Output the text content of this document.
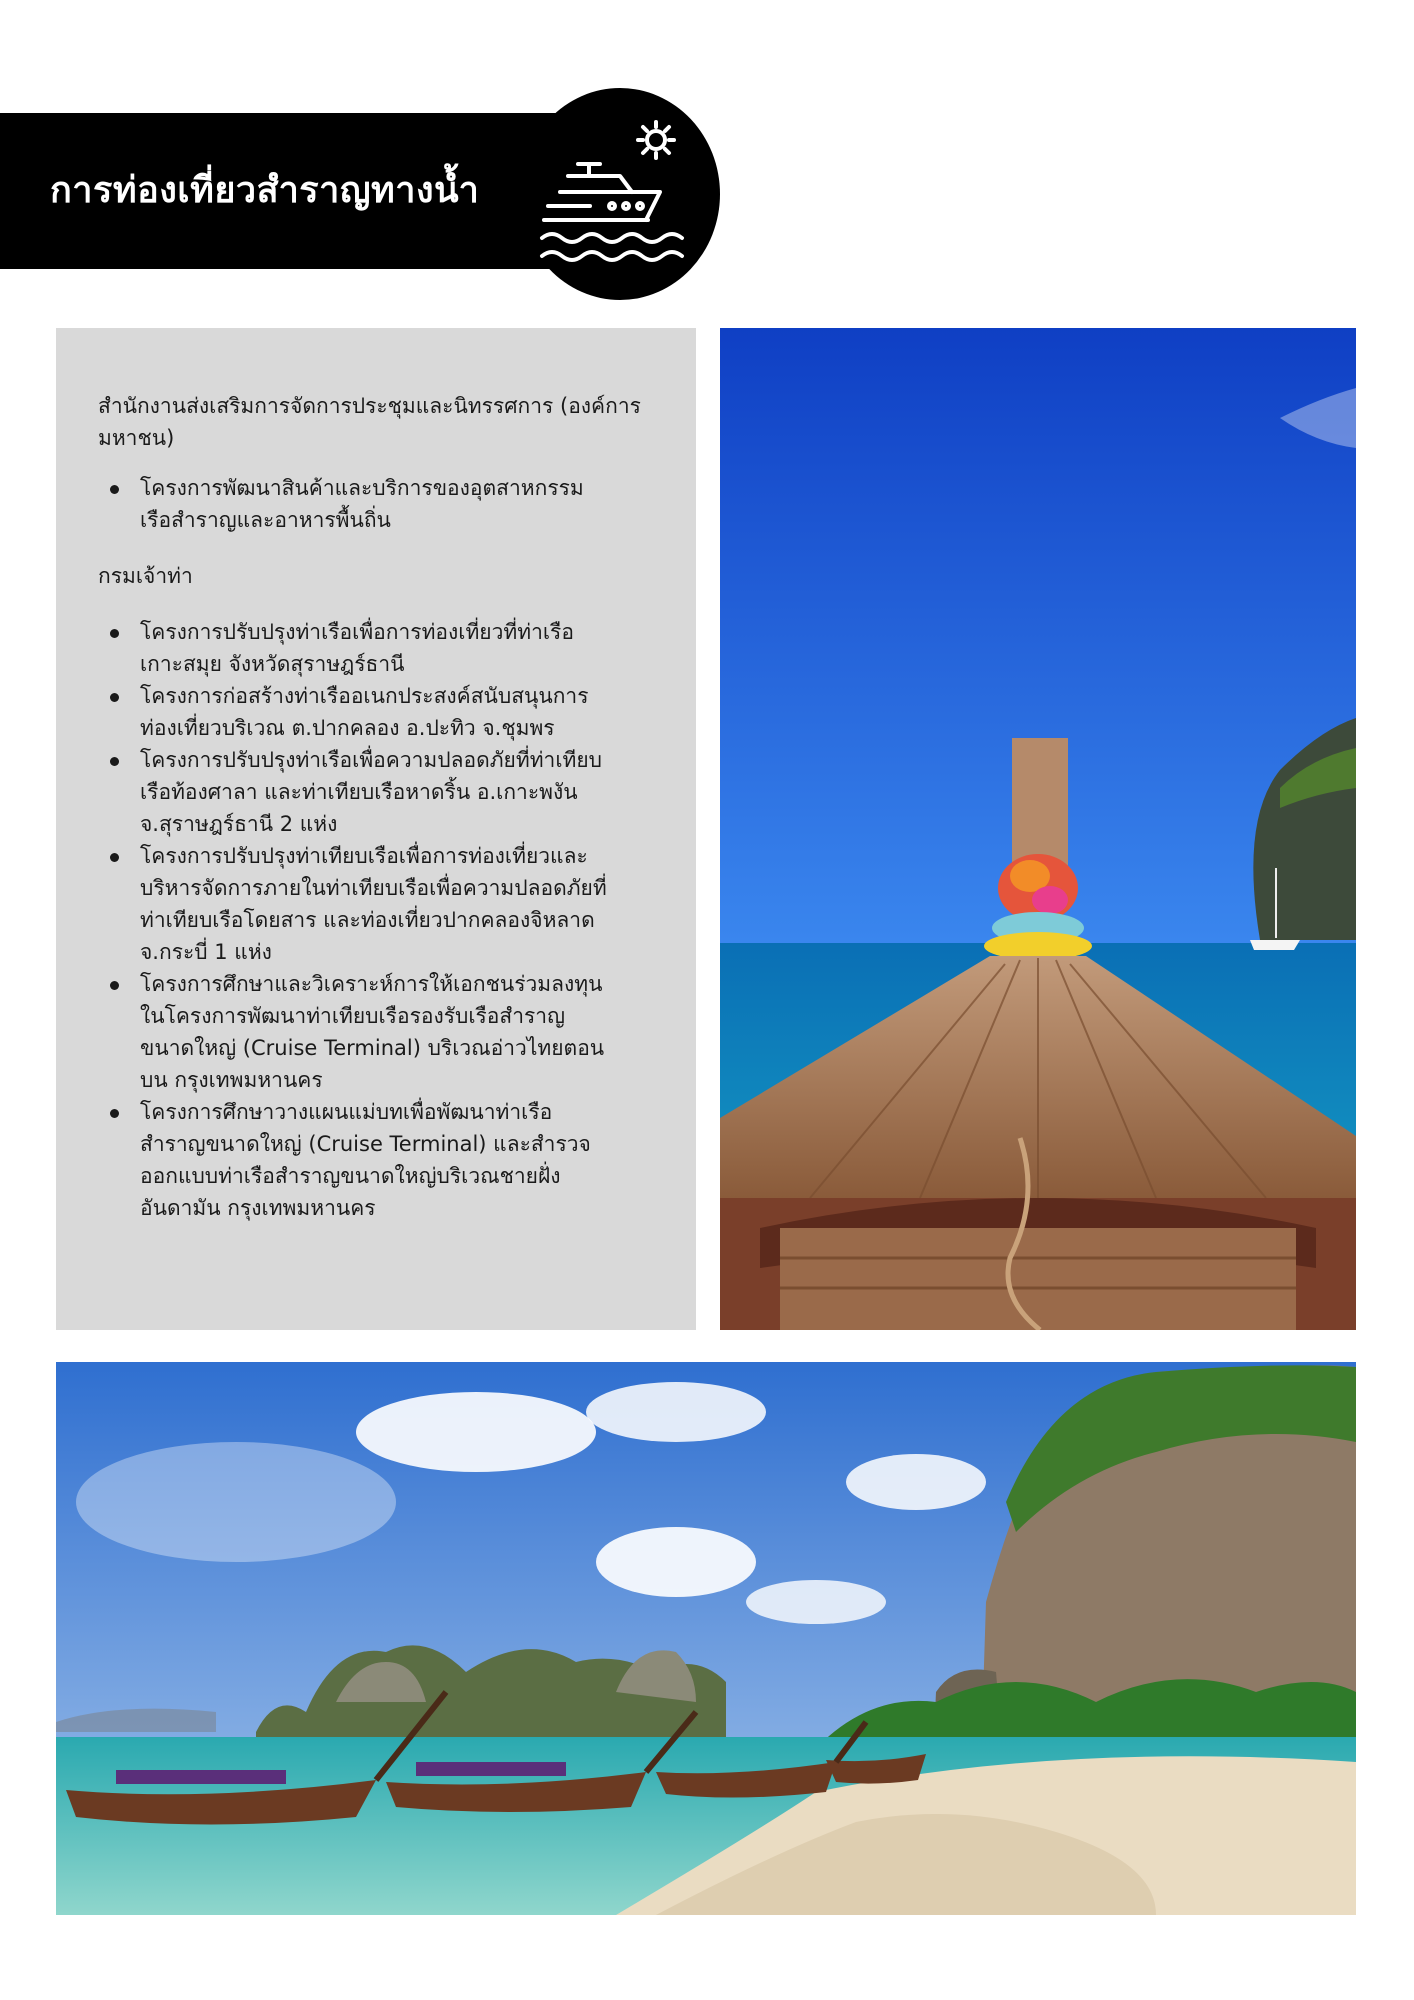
การท่องเที่ยวสำราญทางน้ำ

สำนักงานส่งเสริมการจัดการประชุมและนิทรรศการ (องค์การมหาชน)

โครงการพัฒนาสินค้าและบริการของอุตสาหกรรมเรือสำราญและอาหารพื้นถิ่น

กรมเจ้าท่า

โครงการปรับปรุงท่าเรือเพื่อการท่องเที่ยวที่ท่าเรือเกาะสมุย จังหวัดสุราษฎร์ธานี
โครงการก่อสร้างท่าเรืออเนกประสงค์สนับสนุนการท่องเที่ยวบริเวณ ต.ปากคลอง อ.ปะทิว จ.ชุมพร
โครงการปรับปรุงท่าเรือเพื่อความปลอดภัยที่ท่าเทียบเรือท้องศาลา และท่าเทียบเรือหาดริ้น อ.เกาะพงัน จ.สุราษฎร์ธานี 2 แห่ง
โครงการปรับปรุงท่าเทียบเรือเพื่อการท่องเที่ยวและบริหารจัดการภายในท่าเทียบเรือเพื่อความปลอดภัยที่ท่าเทียบเรือโดยสาร และท่องเที่ยวปากคลองจิหลาด จ.กระบี่ 1 แห่ง
โครงการศึกษาและวิเคราะห์การให้เอกชนร่วมลงทุนในโครงการพัฒนาท่าเทียบเรือรองรับเรือสำราญขนาดใหญ่ (Cruise Terminal) บริเวณอ่าวไทยตอนบน กรุงเทพมหานคร
โครงการศึกษาวางแผนแม่บทเพื่อพัฒนาท่าเรือสำราญขนาดใหญ่ (Cruise Terminal) และสำรวจออกแบบท่าเรือสำราญขนาดใหญ่บริเวณชายฝั่งอันดามัน กรุงเทพมหานคร
